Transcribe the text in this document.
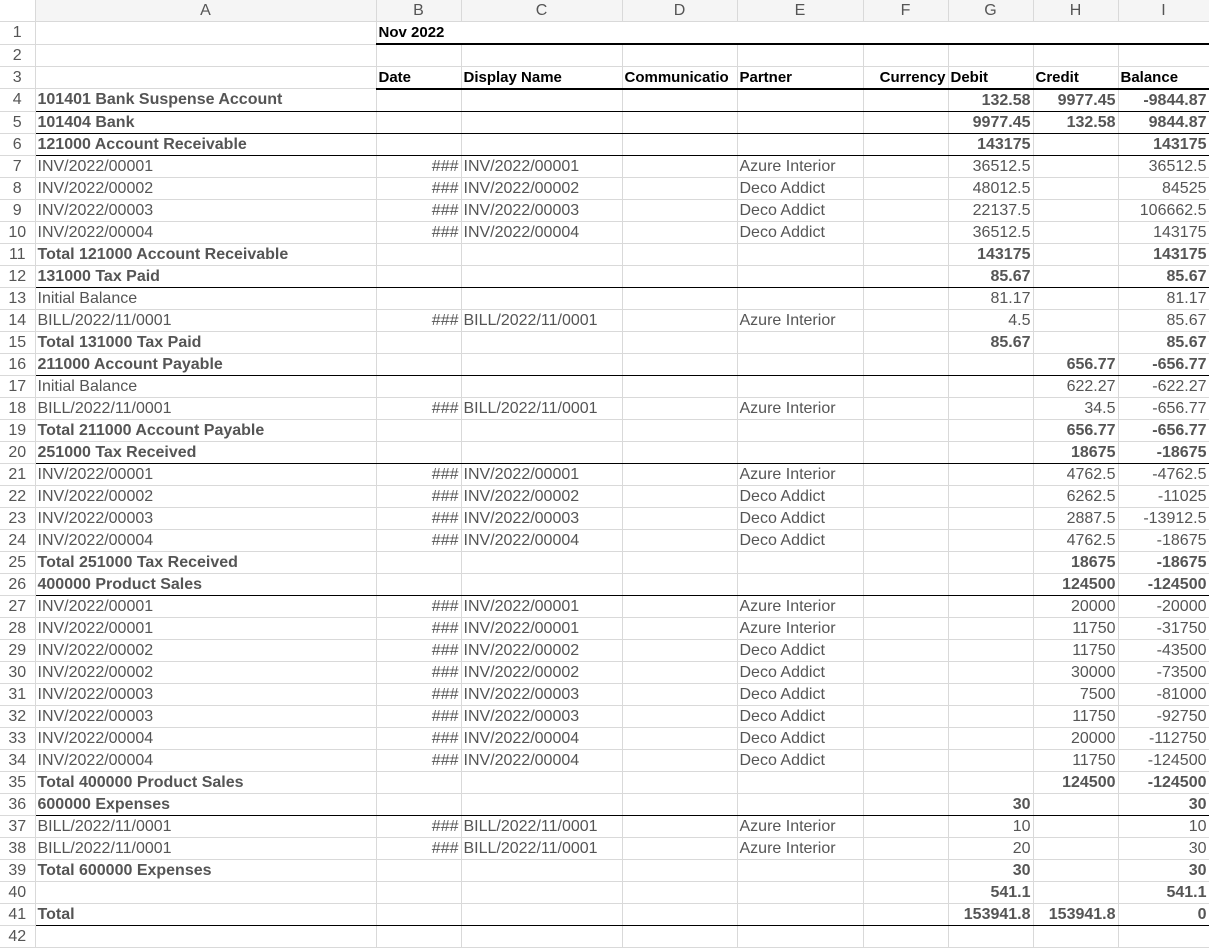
	A	B	C	D	E	F	G	H	I
1		Nov 2022							
2									
3		Date	Display Name	Communicatio	Partner	Currency	Debit	Credit	Balance
4	101401 Bank Suspense Account						132.58	9977.45	-9844.87
5	101404 Bank						9977.45	132.58	9844.87
6	121000 Account Receivable						143175		143175
7	INV/2022/00001	###	INV/2022/00001		Azure Interior		36512.5		36512.5
8	INV/2022/00002	###	INV/2022/00002		Deco Addict		48012.5		84525
9	INV/2022/00003	###	INV/2022/00003		Deco Addict		22137.5		106662.5
10	INV/2022/00004	###	INV/2022/00004		Deco Addict		36512.5		143175
11	Total 121000 Account Receivable						143175		143175
12	131000 Tax Paid						85.67		85.67
13	Initial Balance						81.17		81.17
14	BILL/2022/11/0001	###	BILL/2022/11/0001		Azure Interior		4.5		85.67
15	Total 131000 Tax Paid						85.67		85.67
16	211000 Account Payable							656.77	-656.77
17	Initial Balance							622.27	-622.27
18	BILL/2022/11/0001	###	BILL/2022/11/0001		Azure Interior			34.5	-656.77
19	Total 211000 Account Payable							656.77	-656.77
20	251000 Tax Received							18675	-18675
21	INV/2022/00001	###	INV/2022/00001		Azure Interior			4762.5	-4762.5
22	INV/2022/00002	###	INV/2022/00002		Deco Addict			6262.5	-11025
23	INV/2022/00003	###	INV/2022/00003		Deco Addict			2887.5	-13912.5
24	INV/2022/00004	###	INV/2022/00004		Deco Addict			4762.5	-18675
25	Total 251000 Tax Received							18675	-18675
26	400000 Product Sales							124500	-124500
27	INV/2022/00001	###	INV/2022/00001		Azure Interior			20000	-20000
28	INV/2022/00001	###	INV/2022/00001		Azure Interior			11750	-31750
29	INV/2022/00002	###	INV/2022/00002		Deco Addict			11750	-43500
30	INV/2022/00002	###	INV/2022/00002		Deco Addict			30000	-73500
31	INV/2022/00003	###	INV/2022/00003		Deco Addict			7500	-81000
32	INV/2022/00003	###	INV/2022/00003		Deco Addict			11750	-92750
33	INV/2022/00004	###	INV/2022/00004		Deco Addict			20000	-112750
34	INV/2022/00004	###	INV/2022/00004		Deco Addict			11750	-124500
35	Total 400000 Product Sales							124500	-124500
36	600000 Expenses						30		30
37	BILL/2022/11/0001	###	BILL/2022/11/0001		Azure Interior		10		10
38	BILL/2022/11/0001	###	BILL/2022/11/0001		Azure Interior		20		30
39	Total 600000 Expenses						30		30
40							541.1		541.1
41	Total						153941.8	153941.8	0
42									
